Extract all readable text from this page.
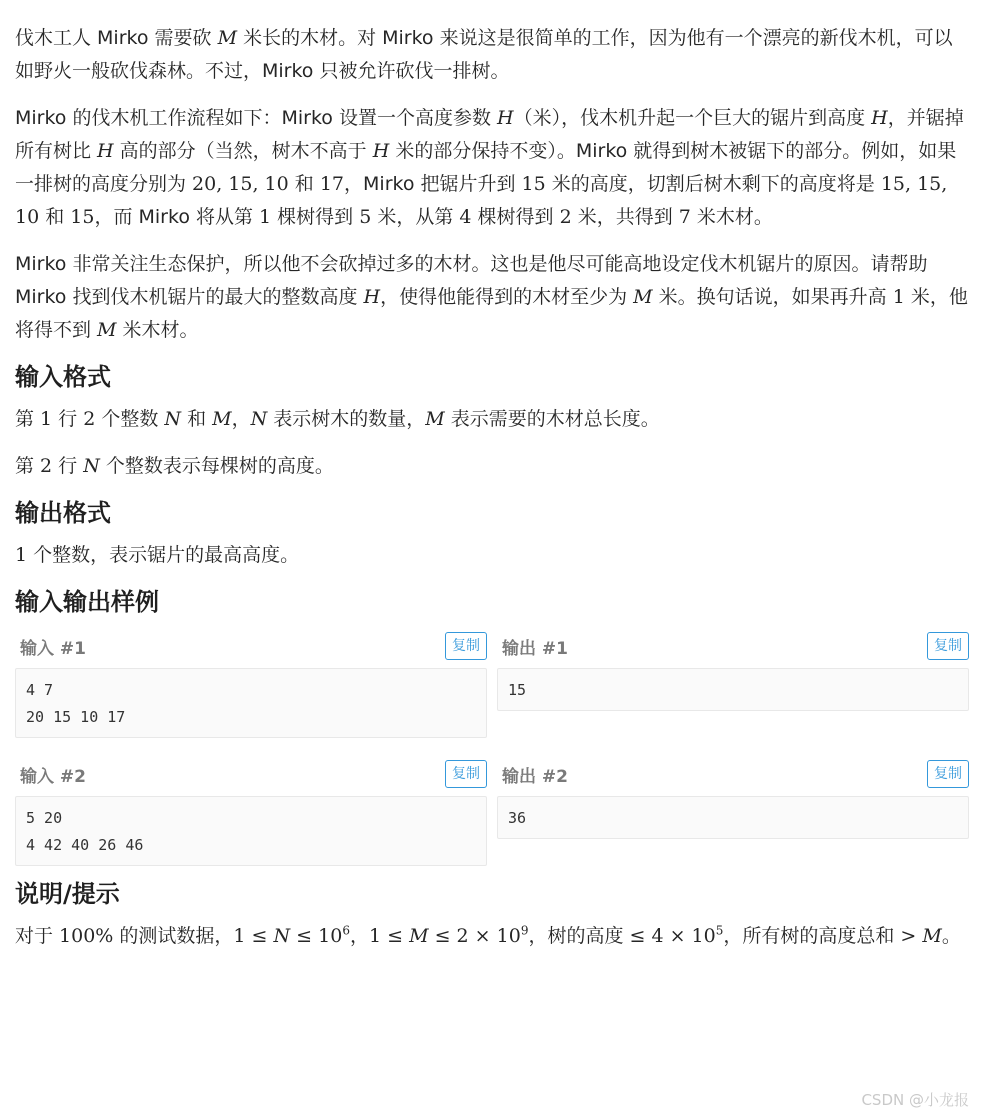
伐木工人 Mirko 需要砍 M 米长的木材。对 Mirko 来说这是很简单的工作，因为他有一个漂亮的新伐木机，可以如野火一般砍伐森林。不过，Mirko 只被允许砍伐一排树。

Mirko 的伐木机工作流程如下：Mirko 设置一个高度参数 H（米），伐木机升起一个巨大的锯片到高度 H，并锯掉所有树比 H 高的部分（当然，树木不高于 H 米的部分保持不变）。Mirko 就得到树木被锯下的部分。例如，如果一排树的高度分别为 20, 15, 10 和 17，Mirko 把锯片升到 15 米的高度，切割后树木剩下的高度将是 15, 15, 10 和 15，而 Mirko 将从第 1 棵树得到 5 米，从第 4 棵树得到 2 米，共得到 7 米木材。

Mirko 非常关注生态保护，所以他不会砍掉过多的木材。这也是他尽可能高地设定伐木机锯片的原因。请帮助 Mirko 找到伐木机锯片的最大的整数高度 H，使得他能得到的木材至少为 M 米。换句话说，如果再升高 1 米，他将得不到 M 米木材。

输入格式

第 1 行 2 个整数 N 和 M，N 表示树木的数量，M 表示需要的木材总长度。

第 2 行 N 个整数表示每棵树的高度。

输出格式

1 个整数，表示锯片的最高高度。

输入输出样例
输入 #1	复制
4 7
20 15 10 17
输出 #1	复制
15
输入 #2	复制
5 20
4 42 40 26 46
输出 #2	复制
36
说明/提示

对于 100% 的测试数据，$1 \le N \le 10^6$，$1 \le M \le 2 \times 10^9$，树的高度 ≤ $4 \times 10^5$，所有树的高度总和 > M。

CSDN @小龙报
